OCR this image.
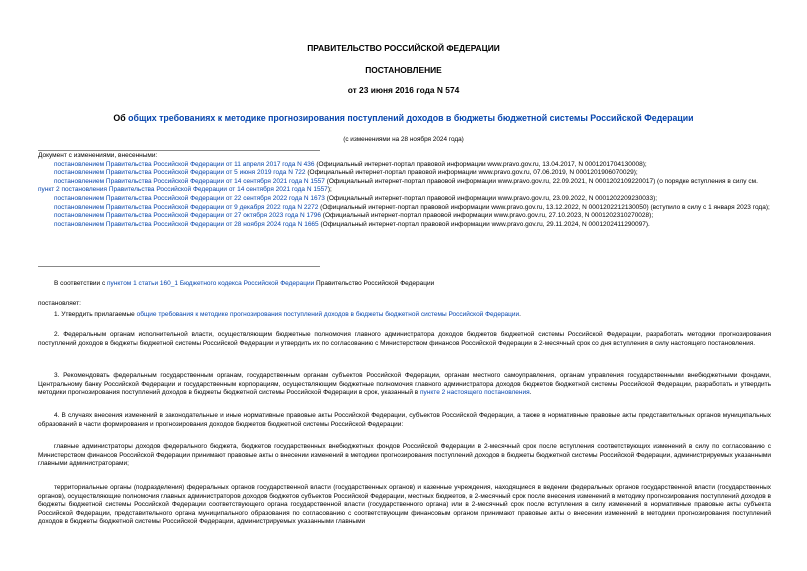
ПРАВИТЕЛЬСТВО РОССИЙСКОЙ ФЕДЕРАЦИИ
ПОСТАНОВЛЕНИЕ
от 23 июня 2016 года N 574
Об общих требованиях к методике прогнозирования поступлений доходов в бюджеты бюджетной системы Российской Федерации
(с изменениями на 28 ноября 2024 года)

Документ с изменениями, внесенными:

постановлением Правительства Российской Федерации от 11 апреля 2017 года N 436 (Официальный интернет-портал правовой информации www.pravo.gov.ru, 13.04.2017, N 0001201704130008);

постановлением Правительства Российской Федерации от 5 июня 2019 года N 722 (Официальный интернет-портал правовой информации www.pravo.gov.ru, 07.06.2019, N 0001201906070029);

постановлением Правительства Российской Федерации от 14 сентября 2021 года N 1557 (Официальный интернет-портал правовой информации www.pravo.gov.ru, 22.09.2021, N 0001202109220017) (о порядке вступления в силу см. пункт 2 постановления Правительства Российской Федерации от 14 сентября 2021 года N 1557);

постановлением Правительства Российской Федерации от 22 сентября 2022 года N 1673 (Официальный интернет-портал правовой информации www.pravo.gov.ru, 23.09.2022, N 0001202209230033);

постановлением Правительства Российской Федерации от 9 декабря 2022 года N 2272 (Официальный интернет-портал правовой информации www.pravo.gov.ru, 13.12.2022, N 0001202212130050) (вступило в силу с 1 января 2023 года);

постановлением Правительства Российской Федерации от 27 октября 2023 года N 1796 (Официальный интернет-портал правовой информации www.pravo.gov.ru, 27.10.2023, N 0001202310270028);

постановлением Правительства Российской Федерации от 28 ноября 2024 года N 1665 (Официальный интернет-портал правовой информации www.pravo.gov.ru, 29.11.2024, N 0001202411290097).

В соответствии с пунктом 1 статьи 160_1 Бюджетного кодекса Российской Федерации Правительство Российской Федерации

постановляет:

1. Утвердить прилагаемые общие требования к методике прогнозирования поступлений доходов в бюджеты бюджетной системы Российской Федерации.

2. Федеральным органам исполнительной власти, осуществляющим бюджетные полномочия главного администратора доходов бюджетов бюджетной системы Российской Федерации, разработать методики прогнозирования поступлений доходов в бюджеты бюджетной системы Российской Федерации и утвердить их по согласованию с Министерством финансов Российской Федерации в 2-месячный срок со дня вступления в силу настоящего постановления.

3. Рекомендовать федеральным государственным органам, государственным органам субъектов Российской Федерации, органам местного самоуправления, органам управления государственными внебюджетными фондами, Центральному банку Российской Федерации и государственным корпорациям, осуществляющим бюджетные полномочия главного администратора доходов бюджетов бюджетной системы Российской Федерации, разработать и утвердить методики прогнозирования поступлений доходов в бюджеты бюджетной системы Российской Федерации в срок, указанный в пункте 2 настоящего постановления.

4. В случаях внесения изменений в законодательные и иные нормативные правовые акты Российской Федерации, субъектов Российской Федерации, а также в нормативные правовые акты представительных органов муниципальных образований в части формирования и прогнозирования доходов бюджетов бюджетной системы Российской Федерации:

главные администраторы доходов федерального бюджета, бюджетов государственных внебюджетных фондов Российской Федерации в 2-месячный срок после вступления соответствующих изменений в силу по согласованию с Министерством финансов Российской Федерации принимают правовые акты о внесении изменений в методики прогнозирования поступлений доходов в бюджеты бюджетной системы Российской Федерации, администрируемых указанными главными администраторами;

территориальные органы (подразделения) федеральных органов государственной власти (государственных органов) и казенные учреждения, находящиеся в ведении федеральных органов государственной власти (государственных органов), осуществляющие полномочия главных администраторов доходов бюджетов субъектов Российской Федерации, местных бюджетов, в 2-месячный срок после внесения изменений в методику прогнозирования поступлений доходов в бюджеты бюджетной системы Российской Федерации соответствующего органа государственной власти (государственного органа) или в 2-месячный срок после вступления в силу изменений в нормативные правовые акты субъекта Российской Федерации, представительного органа муниципального образования по согласованию с соответствующим финансовым органом принимают правовые акты о внесении изменений в методики прогнозирования поступлений доходов в бюджеты бюджетной системы Российской Федерации, администрируемых указанными главными
